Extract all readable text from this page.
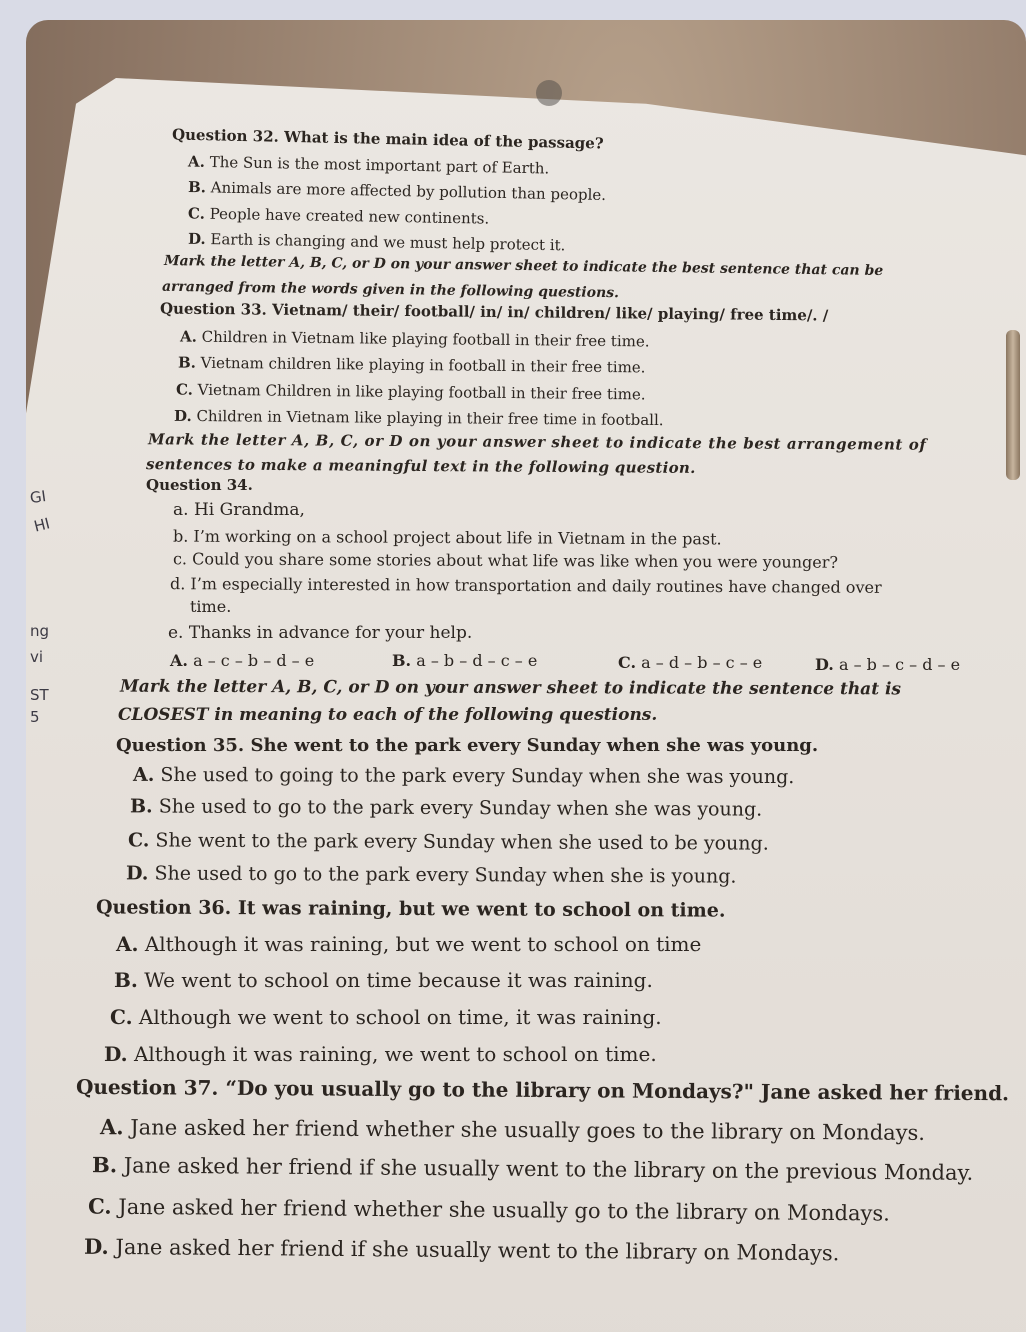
Question 32. What is the main idea of the passage?
A. The Sun is the most important part of Earth.
B. Animals are more affected by pollution than people.
C. People have created new continents.
D. Earth is changing and we must help protect it.
Mark the letter A, B, C, or D on your answer sheet to indicate the best sentence that can be
arranged from the words given in the following questions.
Question 33. Vietnam/ their/ football/ in/ in/ children/ like/ playing/ free time/. /
A. Children in Vietnam like playing football in their free time.
B. Vietnam children like playing in football in their free time.
C. Vietnam Children in like playing football in their free time.
D. Children in Vietnam like playing in their free time in football.
Mark the letter A, B, C, or D on your answer sheet to indicate the best arrangement of
sentences to make a meaningful text in the following question.
Question 34.
a. Hi Grandma,
b. I’m working on a school project about life in Vietnam in the past.
c. Could you share some stories about what life was like when you were younger?
d. I’m especially interested in how transportation and daily routines have changed over
time.
e. Thanks in advance for your help.
A. a – c – b – d – e	B. a – b – d – c – e	C. a – d – b – c – e	D. a – b – c – d – e
Mark the letter A, B, C, or D on your answer sheet to indicate the sentence that is
CLOSEST in meaning to each of the following questions.
Question 35. She went to the park every Sunday when she was young.
A. She used to going to the park every Sunday when she was young.
B. She used to go to the park every Sunday when she was young.
C. She went to the park every Sunday when she used to be young.
D. She used to go to the park every Sunday when she is young.
Question 36. It was raining, but we went to school on time.
A. Although it was raining, but we went to school on time
B. We went to school on time because it was raining.
C. Although we went to school on time, it was raining.
D. Although it was raining, we went to school on time.
Question 37. “Do you usually go to the library on Mondays?" Jane asked her friend.
A. Jane asked her friend whether she usually goes to the library on Mondays.
B. Jane asked her friend if she usually went to the library on the previous Monday.
C. Jane asked her friend whether she usually go to the library on Mondays.
D. Jane asked her friend if she usually went to the library on Mondays.
GI
HI
ng
vi
ST
5
